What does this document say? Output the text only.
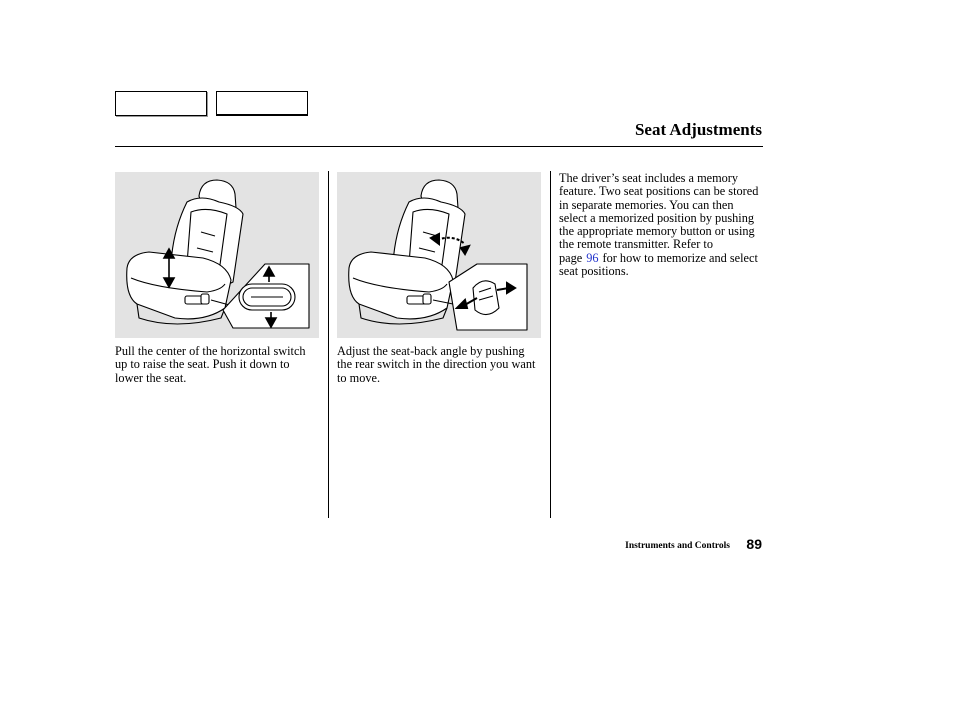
Seat Adjustments

Pull the center of the horizontal switch up to raise the seat. Push it down to lower the seat.

Adjust the seat-back angle by pushing the rear switch in the direction you want to move.

The driver’s seat includes a memory feature. Two seat positions can be stored in separate memories. You can then select a memorized position by pushing the appropriate memory button or using the remote transmitter. Refer to page 96 for how to memorize and select seat positions.

Instruments and Controls 89
